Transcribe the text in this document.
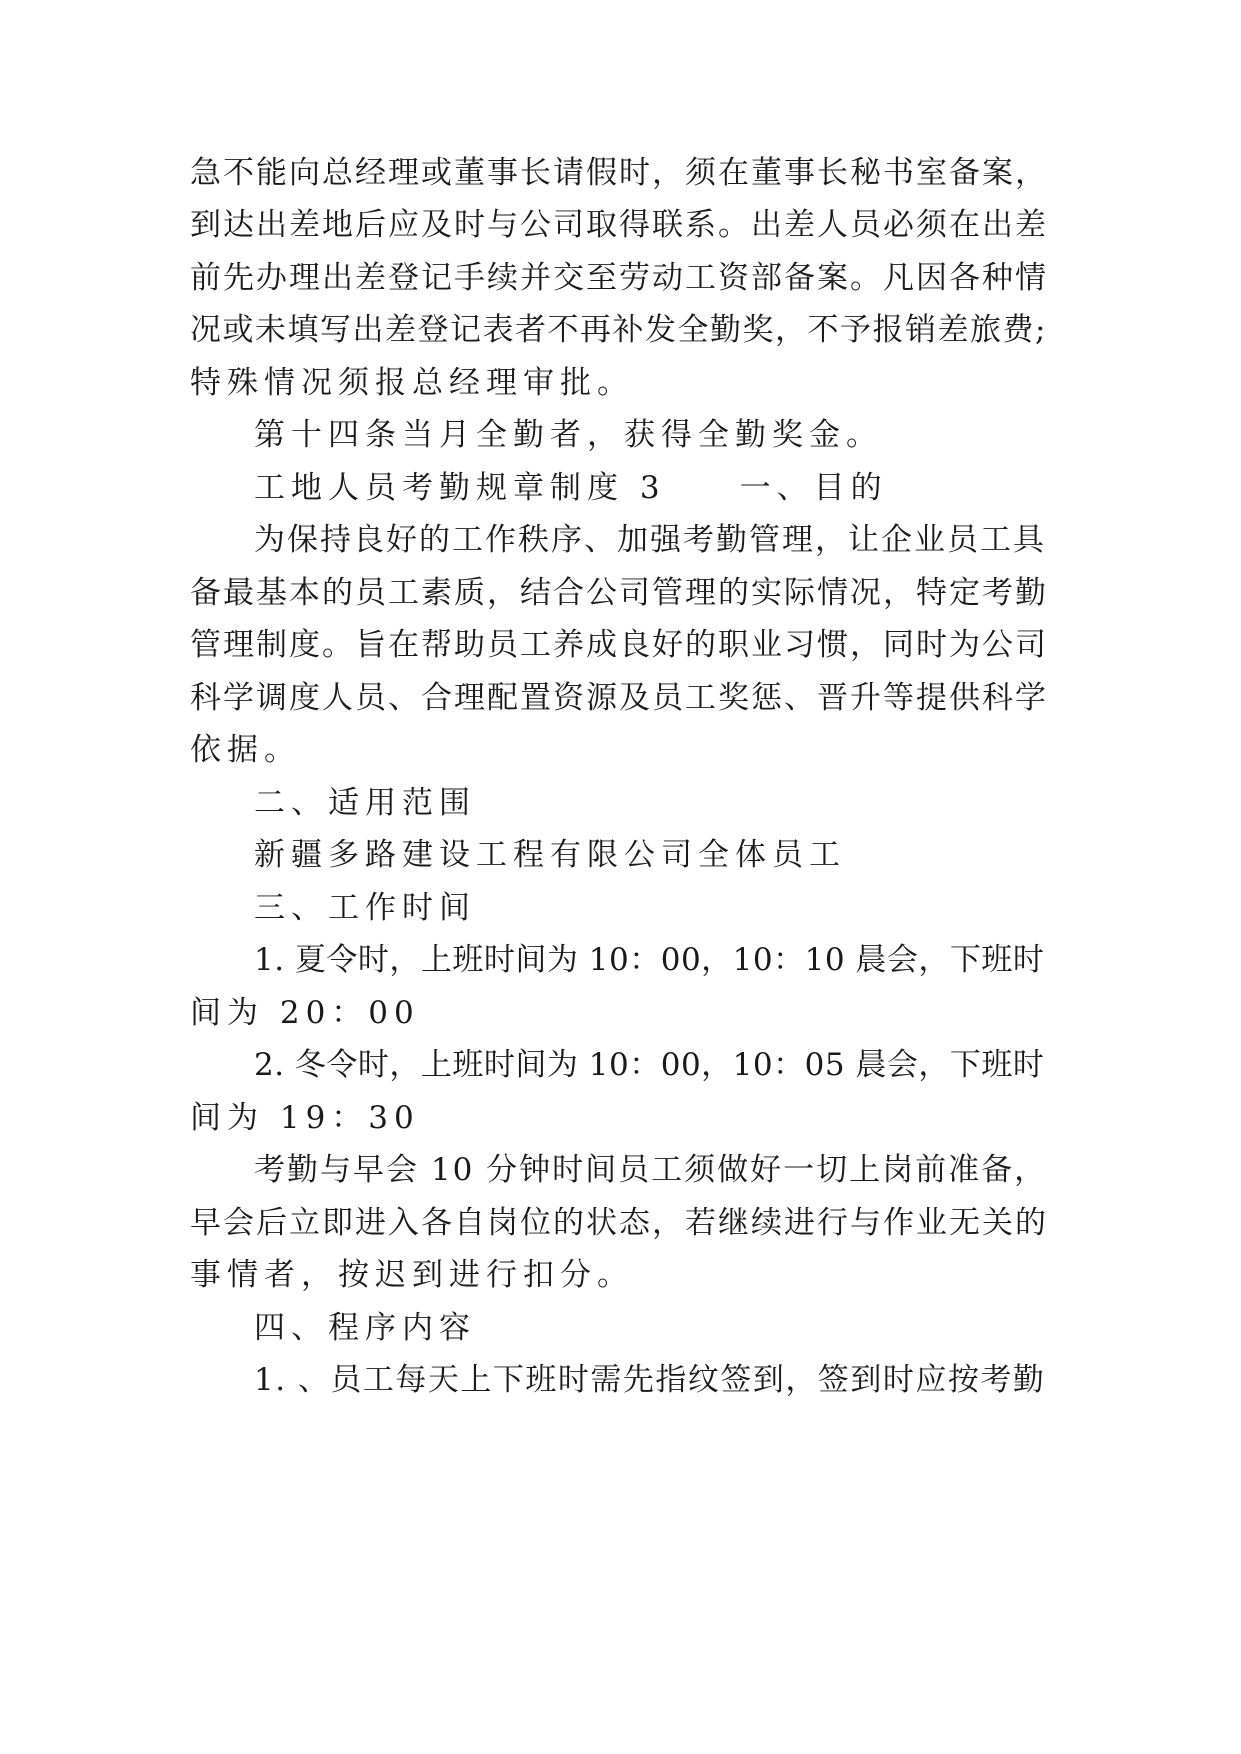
急不能向总经理或董事长请假时，须在董事长秘书室备案，
到达出差地后应及时与公司取得联系。出差人员必须在出差
前先办理出差登记手续并交至劳动工资部备案。凡因各种情
况或未填写出差登记表者不再补发全勤奖，不予报销差旅费;
特殊情况须报总经理审批。
第十四条当月全勤者，获得全勤奖金。
工地人员考勤规章制度 3　　一、目的
为保持良好的工作秩序、加强考勤管理，让企业员工具
备最基本的员工素质，结合公司管理的实际情况，特定考勤
管理制度。旨在帮助员工养成良好的职业习惯，同时为公司
科学调度人员、合理配置资源及员工奖惩、晋升等提供科学
依据。
二、适用范围
新疆多路建设工程有限公司全体员工
三、工作时间
1. 夏令时，上班时间为 10：00，10：10 晨会，下班时
间为 20：00
2. 冬令时，上班时间为 10：00，10：05 晨会，下班时
间为 19：30
考勤与早会 10 分钟时间员工须做好一切上岗前准备，
早会后立即进入各自岗位的状态，若继续进行与作业无关的
事情者，按迟到进行扣分。
四、程序内容
1. 、员工每天上下班时需先指纹签到，签到时应按考勤
